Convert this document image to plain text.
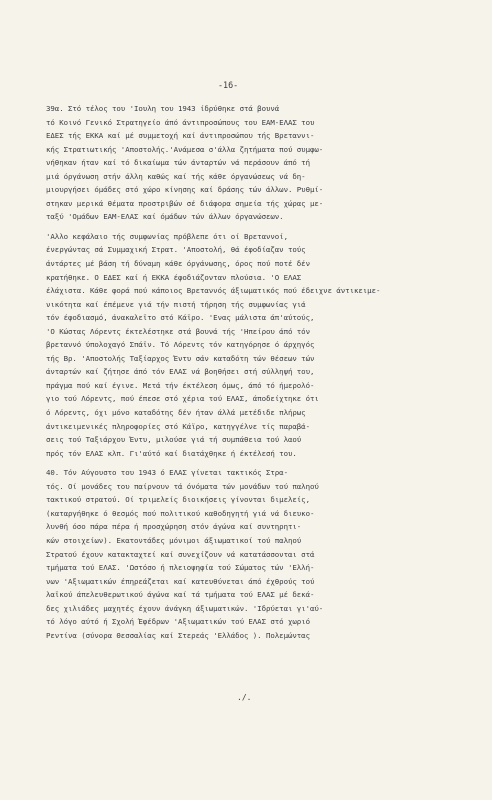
-16-
39α. Στό τέλος του 'Ιουλη του 1943 ίδρύθηκε στά βουνά
τό Κοινό Γενικό Στρατηγείο άπό άντιπροσώπους του ΕΑΜ-ΕΛΑΣ του
ΕΔΕΣ τής ΕΚΚΑ καί μέ συμμετοχή καί άντιπροσώπου τής Βρεταννι-
κής Στρατιωτικής 'Αποστολής.'Ανάμεσα σ'άλλα ζητήματα πού συμφω-
νήθηκαν ήταν καί τό δικαίωμα τών άνταρτών νά περάσουν άπό τή
μιά όργάνωση στήν άλλη καθώς καί τής κάθε όργανώσεως νά δη-
μιουργήσει όμάδες στό χώρο κίνησης καί δράσης τών άλλων. Ρυθμί-
στηκαν μερικά θέματα προστριβών σέ διάφορα σημεία τής χώρας με-
ταξύ 'Ομάδων ΕΑΜ-ΕΛΑΣ καί όμάδων τών άλλων όργανώσεων.
'Αλλο κεφάλαιο τής συμφωνίας πρόβλεπε ότι οί Βρεταννοί,
ένεργώντας σά Συμμαχική Στρατ. 'Αποστολή, θά έφοδίαζαν τούς
άντάρτες μέ βάση τή δύναμη κάθε όργάνωσης, όρος πού ποτέ δέν
κρατήθηκε. Ο ΕΔΕΣ καί ή ΕΚΚΑ έφοδιάζονταν πλούσια. 'Ο ΕΛΑΣ
έλάχιστα. Κάθε φορά πού κάποιος Βρεταννός άξιωματικός πού έδειχνε άντικειμε-
νικότητα καί έπέμενε γιά τήν πιστή τήρηση τής συμφωνίας γιά
τόν έφοδιασμό, άνακαλεϊτο στό Κάϊρο. 'Ενας μάλιστα άπ'αύτούς,
'Ο Κώστας Λόρεντς έκτελέστηκε στά βουνά τής 'Ηπείρου άπό τόν
βρεταννό ύπολοχαγό Σπάϊν. Τό Λόρεντς τόν κατηγόρησε ό άρχηγός
τής Βρ. 'Αποστολής Ταξίαρχος Έντυ σάν καταδότη τών θέσεων τών
άνταρτών καί ζήτησε άπό τόν ΕΛΑΣ νά βοηθήσει στή σύλληψή του,
πράγμα πού καί έγινε. Μετά τήν έκτέλεση όμως, άπό τό ήμερολό-
γιο τού Λόρεντς, πού έπεσε στό χέρια τού ΕΛΑΣ, άποδείχτηκε ότι
ό Λόρεντς, όχι μόνο καταδότης δέν ήταν άλλά μετέδιδε πλήρως
άντικειμενικές πληροφορίες στό Κάϊρο, κατηγγέλνε τίς παραβά-
σεις τού Ταξιάρχου Έντυ, μιλούσε γιά τή συμπάθεια τού λαού
πρός τόν ΕΛΑΣ κλπ. Γι'αύτό καί διατάχθηκε ή έκτέλεσή του.
40. Τόν Αύγουστο του 1943 ό ΕΛΑΣ γίνεται τακτικός Στρα-
τός. Οί μονάδες του παίρνουν τά όνόματα τών μονάδων τού παληού
τακτικού στρατού. Οί τριμελείς διοικήσεις γίνονται διμελείς,
(καταργήθηκε ό θεσμός πού πολιτικού καθοδηγητή γιά νά διευκο-
λυνθή όσο πάρα πέρα ή προσχώρηση στόν άγώνα καί συντηρητι-
κών στοιχείων). Εκατοντάδες μόνιμοι άξιωματικοί τού παληού
Στρατού έχουν κατακταχτεί καί συνεχίζουν νά κατατάσσονται στά
τμήματα τού ΕΛΑΣ. 'Ωστόσο ή πλειοψηφία τού Σώματος τών 'Ελλή-
νων 'Αξιωματικών έπηρεάζεται καί κατευθύνεται άπό έχθρούς τού
λαϊκού άπελευθερωτικού άγώνα καί τά τμήματα τού ΕΛΑΣ μέ δεκά-
δες χιλιάδες μαχητές έχουν άνάγκη άξιωματικών. 'Ιδρύεται γι'αύ-
τό λόγο αύτό ή Σχολή Έφέδρων 'Αξιωματικών τού ΕΛΑΣ στό χωριό
Ρεντίνα (σύνορα Θεσσαλίας καί Στερεάς 'Ελλάδος ). Πολεμώντας
./.
